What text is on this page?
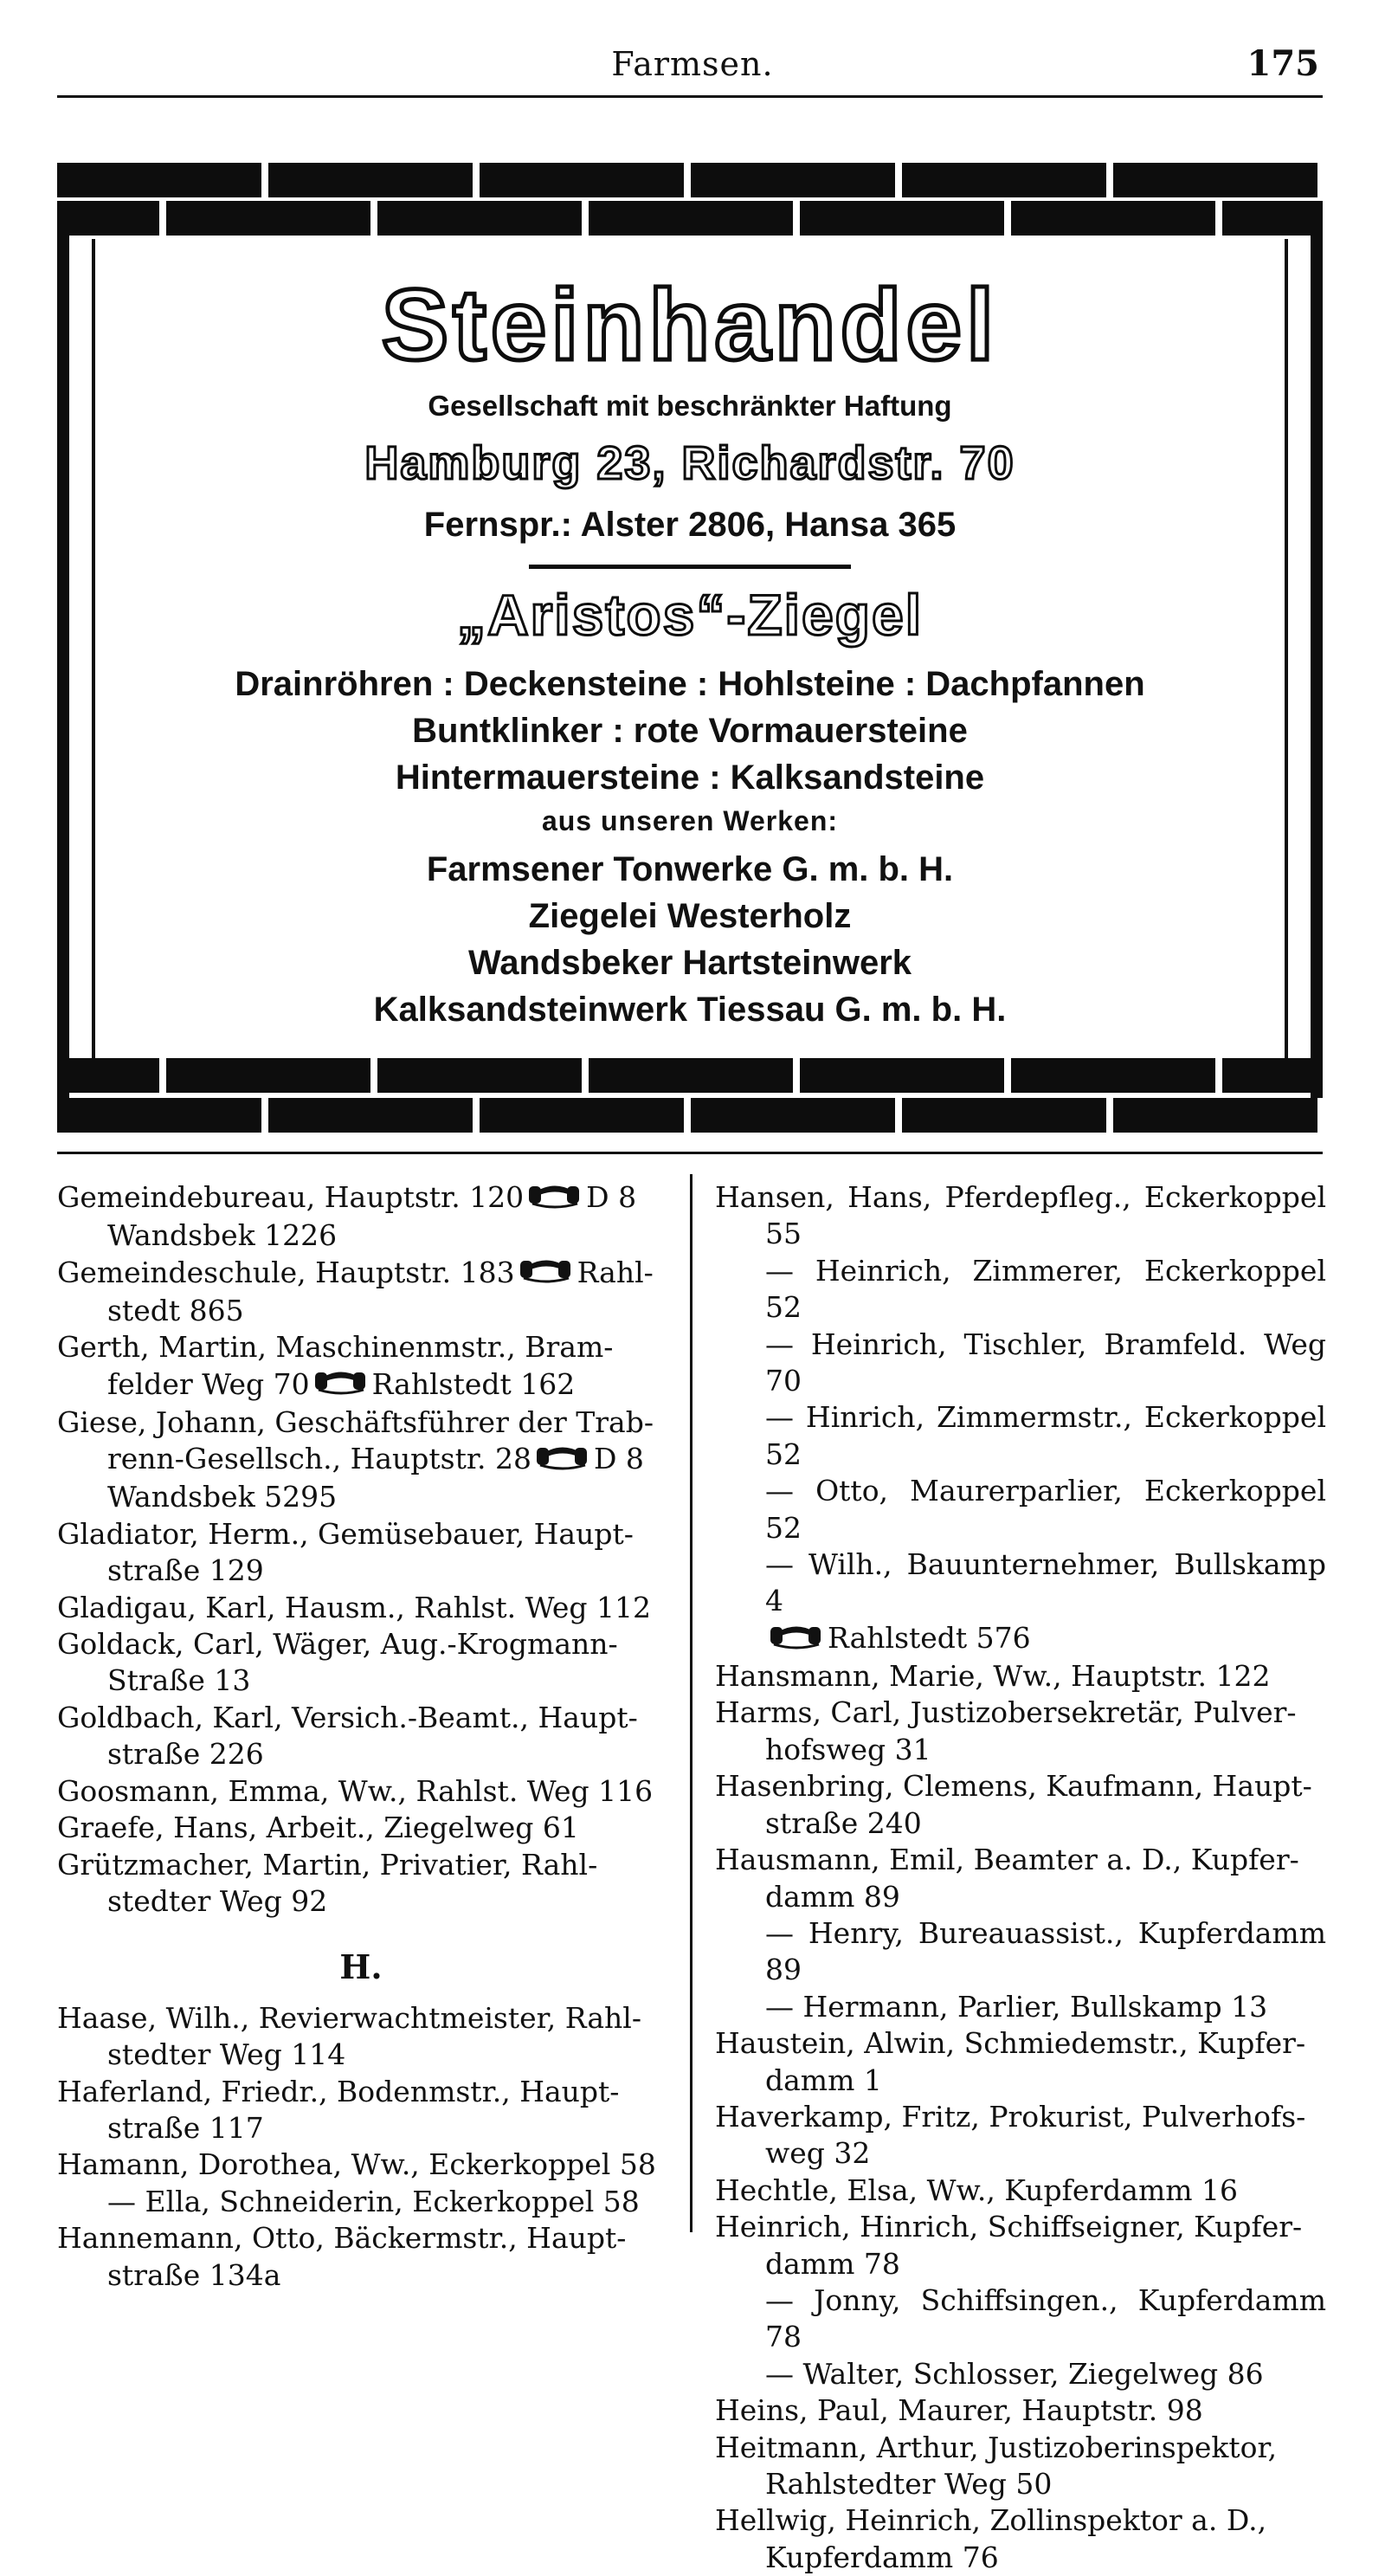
Farmsen.	175
Steinhandel
Gesellschaft mit beschränkter Haftung
Hamburg 23, Richardstr. 70
Fernspr.: Alster 2806, Hansa 365
„Aristos“-Ziegel
Drainröhren : Deckensteine : Hohlsteine : Dachpfannen
Buntklinker : rote Vormauersteine
Hintermauersteine : Kalksandsteine
aus unseren Werken:
Farmsener Tonwerke G. m. b. H.
Ziegelei Westerholz
Wandsbeker Hartsteinwerk
Kalksandsteinwerk Tiessau G. m. b. H.
Gemeindebureau, Hauptstr. 120 D 8
Wandsbek 1226
Gemeindeschule, Hauptstr. 183 Rahl-
stedt 865
Gerth, Martin, Maschinenmstr., Bram-
felder Weg 70 Rahlstedt 162
Giese, Johann, Geschäftsführer der Trab-
renn-Gesellsch., Hauptstr. 28 D 8
Wandsbek 5295
Gladiator, Herm., Gemüsebauer, Haupt-
straße 129
Gladigau, Karl, Hausm., Rahlst. Weg 112
Goldack, Carl, Wäger, Aug.-Krogmann-
Straße 13
Goldbach, Karl, Versich.-Beamt., Haupt-
straße 226
Goosmann, Emma, Ww., Rahlst. Weg 116
Graefe, Hans, Arbeit., Ziegelweg 61
Grützmacher, Martin, Privatier, Rahl-
stedter Weg 92
H.
Haase, Wilh., Revierwachtmeister, Rahl-
stedter Weg 114
Haferland, Friedr., Bodenmstr., Haupt-
straße 117
Hamann, Dorothea, Ww., Eckerkoppel 58
— Ella, Schneiderin, Eckerkoppel 58
Hannemann, Otto, Bäckermstr., Haupt-
straße 134a
Hansen, Hans, Pferdepfleg., Eckerkoppel 55
— Heinrich, Zimmerer, Eckerkoppel 52
— Heinrich, Tischler, Bramfeld. Weg 70
— Hinrich, Zimmermstr., Eckerkoppel 52
— Otto, Maurerparlier, Eckerkoppel 52
— Wilh., Bauunternehmer, Bullskamp 4
Rahlstedt 576
Hansmann, Marie, Ww., Hauptstr. 122
Harms, Carl, Justizobersekretär, Pulver-
hofsweg 31
Hasenbring, Clemens, Kaufmann, Haupt-
straße 240
Hausmann, Emil, Beamter a. D., Kupfer-
damm 89
— Henry, Bureauassist., Kupferdamm 89
— Hermann, Parlier, Bullskamp 13
Haustein, Alwin, Schmiedemstr., Kupfer-
damm 1
Haverkamp, Fritz, Prokurist, Pulverhofs-
weg 32
Hechtle, Elsa, Ww., Kupferdamm 16
Heinrich, Hinrich, Schiffseigner, Kupfer-
damm 78
— Jonny, Schiffsingen., Kupferdamm 78
— Walter, Schlosser, Ziegelweg 86
Heins, Paul, Maurer, Hauptstr. 98
Heitmann, Arthur, Justizoberinspektor,
Rahlstedter Weg 50
Hellwig, Heinrich, Zollinspektor a. D.,
Kupferdamm 76
